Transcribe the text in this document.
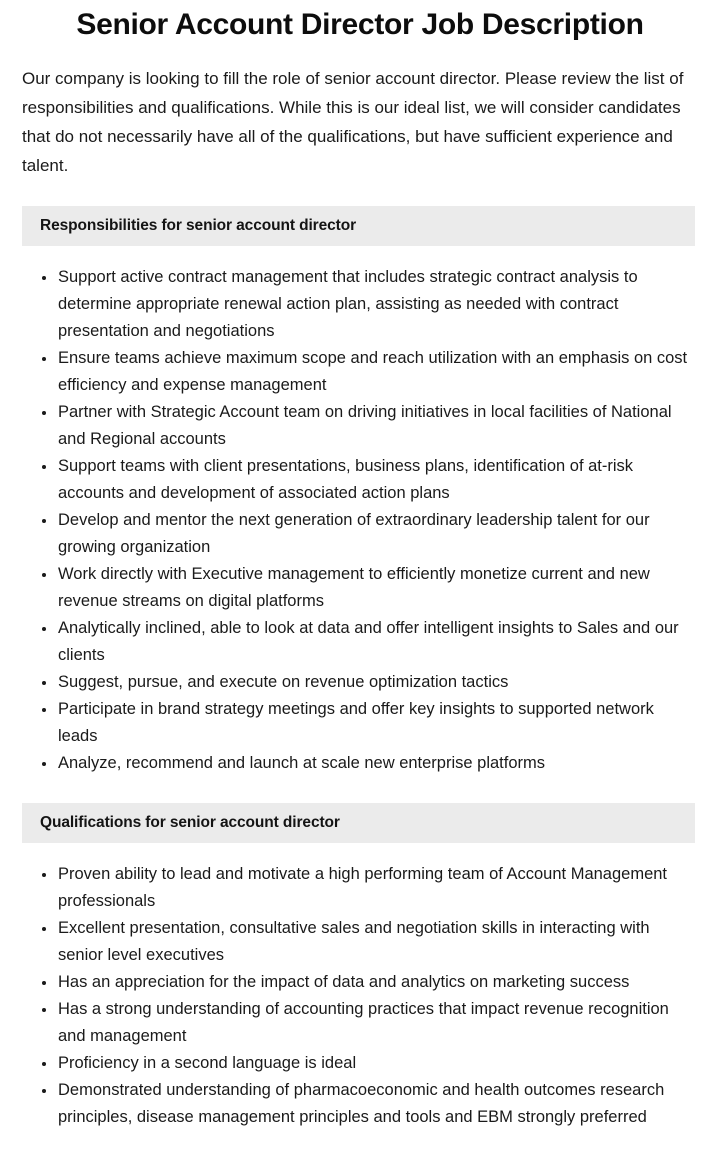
Senior Account Director Job Description

Our company is looking to fill the role of senior account director. Please review the list of responsibilities and qualifications. While this is our ideal list, we will consider candidates that do not necessarily have all of the qualifications, but have sufficient experience and talent.

Responsibilities for senior account director
Support active contract management that includes strategic contract analysis to determine appropriate renewal action plan, assisting as needed with contract presentation and negotiations
Ensure teams achieve maximum scope and reach utilization with an emphasis on cost efficiency and expense management
Partner with Strategic Account team on driving initiatives in local facilities of National and Regional accounts
Support teams with client presentations, business plans, identification of at-risk accounts and development of associated action plans
Develop and mentor the next generation of extraordinary leadership talent for our growing organization
Work directly with Executive management to efficiently monetize current and new revenue streams on digital platforms
Analytically inclined, able to look at data and offer intelligent insights to Sales and our clients
Suggest, pursue, and execute on revenue optimization tactics
Participate in brand strategy meetings and offer key insights to supported network leads
Analyze, recommend and launch at scale new enterprise platforms
Qualifications for senior account director
Proven ability to lead and motivate a high performing team of Account Management professionals
Excellent presentation, consultative sales and negotiation skills in interacting with senior level executives
Has an appreciation for the impact of data and analytics on marketing success
Has a strong understanding of accounting practices that impact revenue recognition and management
Proficiency in a second language is ideal
Demonstrated understanding of pharmacoeconomic and health outcomes research principles, disease management principles and tools and EBM strongly preferred
